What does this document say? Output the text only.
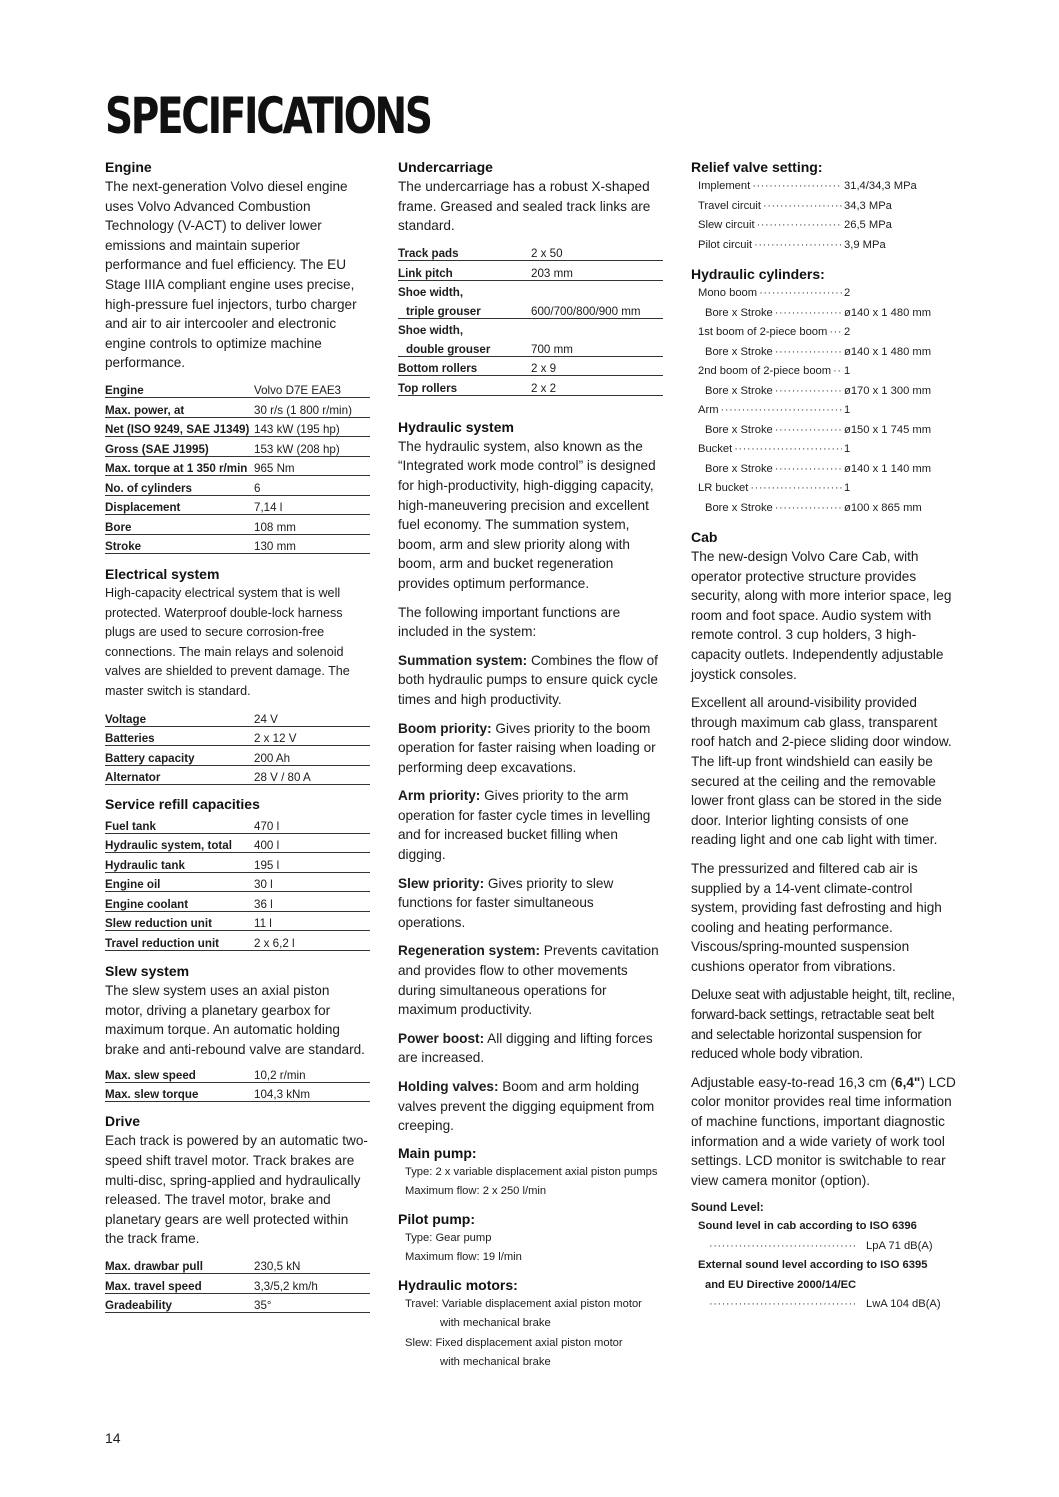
SPECIFICATIONS
Engine

The next-generation Volvo diesel engine uses Volvo Advanced Combustion Technology (V-ACT) to deliver lower emissions and maintain superior performance and fuel efficiency. The EU Stage IIIA compliant engine uses precise, high-pressure fuel injectors, turbo charger and air to air intercooler and electronic engine controls to optimize machine performance.

Engine	Volvo D7E EAE3
Max. power, at	30 r/s (1 800 r/min)
Net (ISO 9249, SAE J1349)	143 kW (195 hp)
Gross (SAE J1995)	153 kW (208 hp)
Max. torque at 1 350 r/min	965 Nm
No. of cylinders	6
Displacement	7,14 l
Bore	108 mm
Stroke	130 mm
Electrical system

High-capacity electrical system that is well protected. Waterproof double-lock harness plugs are used to secure corrosion-free connections. The main relays and solenoid valves are shielded to prevent damage. The master switch is standard.

Voltage	24 V
Batteries	2 x 12 V
Battery capacity	200 Ah
Alternator	28 V / 80 A
Service refill capacities
Fuel tank	470 l
Hydraulic system, total	400 l
Hydraulic tank	195 l
Engine oil	30 l
Engine coolant	36 l
Slew reduction unit	11 l
Travel reduction unit	2 x 6,2 l
Slew system

The slew system uses an axial piston motor, driving a planetary gearbox for maximum torque. An automatic holding brake and anti-rebound valve are standard.

Max. slew speed	10,2 r/min
Max. slew torque	104,3 kNm
Drive

Each track is powered by an automatic two-speed shift travel motor. Track brakes are multi-disc, spring-applied and hydraulically released. The travel motor, brake and planetary gears are well protected within the track frame.

Max. drawbar pull	230,5 kN
Max. travel speed	3,3/5,2 km/h
Gradeability	35°
Undercarriage

The undercarriage has a robust X-shaped frame. Greased and sealed track links are standard.

Track pads	2 x 50
Link pitch	203 mm
Shoe width,	
triple grouser	600/700/800/900 mm
Shoe width,	
double grouser	700 mm
Bottom rollers	2 x 9
Top rollers	2 x 2
Hydraulic system

The hydraulic system, also known as the “Integrated work mode control” is designed for high-productivity, high-digging capacity, high-maneuvering precision and excellent fuel economy. The summation system, boom, arm and slew priority along with boom, arm and bucket regeneration provides optimum performance.

The following important functions are included in the system:

Summation system: Combines the flow of both hydraulic pumps to ensure quick cycle times and high productivity.

Boom priority: Gives priority to the boom operation for faster raising when loading or performing deep excavations.

Arm priority: Gives priority to the arm operation for faster cycle times in levelling and for increased bucket filling when digging.

Slew priority: Gives priority to slew functions for faster simultaneous operations.

Regeneration system: Prevents cavitation and provides flow to other movements during simultaneous operations for maximum productivity.

Power boost: All digging and lifting forces are increased.

Holding valves: Boom and arm holding valves prevent the digging equipment from creeping.

Main pump:
Type: 2 x variable displacement axial piston pumps
Maximum flow: 2 x 250 l/min
Pilot pump:
Type: Gear pump
Maximum flow: 19 l/min
Hydraulic motors:
Travel: Variable displacement axial piston motor
with mechanical brake
Slew: Fixed displacement axial piston motor
with mechanical brake
Relief valve setting:
Implement ·····	31,4/34,3 MPa
Travel circuit ·····	34,3 MPa
Slew circuit ·····	26,5 MPa
Pilot circuit ·····	3,9 MPa
Hydraulic cylinders:
Mono boom ·····	2
Bore x Stroke ·····	ø140 x 1 480 mm
1st boom of 2-piece boom ····· 2
Bore x Stroke ·····	ø140 x 1 480 mm
2nd boom of 2-piece boom ····· 1
Bore x Stroke ·····	ø170 x 1 300 mm
Arm ·····	1
Bore x Stroke ·····	ø150 x 1 745 mm
Bucket ·····	1
Bore x Stroke ·····	ø140 x 1 140 mm
LR bucket ·····	1
Bore x Stroke ·····	ø100 x 865 mm
Cab

The new-design Volvo Care Cab, with operator protective structure provides security, along with more interior space, leg room and foot space. Audio system with remote control. 3 cup holders, 3 high-capacity outlets. Independently adjustable joystick consoles.

Excellent all around-visibility provided through maximum cab glass, transparent roof hatch and 2-piece sliding door window. The lift-up front windshield can easily be secured at the ceiling and the removable lower front glass can be stored in the side door. Interior lighting consists of one reading light and one cab light with timer.

The pressurized and filtered cab air is supplied by a 14-vent climate-control system, providing fast defrosting and high cooling and heating performance. Viscous/spring-mounted suspension cushions operator from vibrations.

Deluxe seat with adjustable height, tilt, recline, forward-back settings, retractable seat belt and selectable horizontal suspension for reduced whole body vibration.

Adjustable easy-to-read 16,3 cm (6,4") LCD color monitor provides real time information of machine functions, important diagnostic information and a wide variety of work tool settings. LCD monitor is switchable to rear view camera monitor (option).

Sound Level:
Sound level in cab according to ISO 6396
·····
LpA 71 dB(A)
External sound level according to ISO 6395
and EU Directive 2000/14/EC
·····
LwA 104 dB(A)
14
